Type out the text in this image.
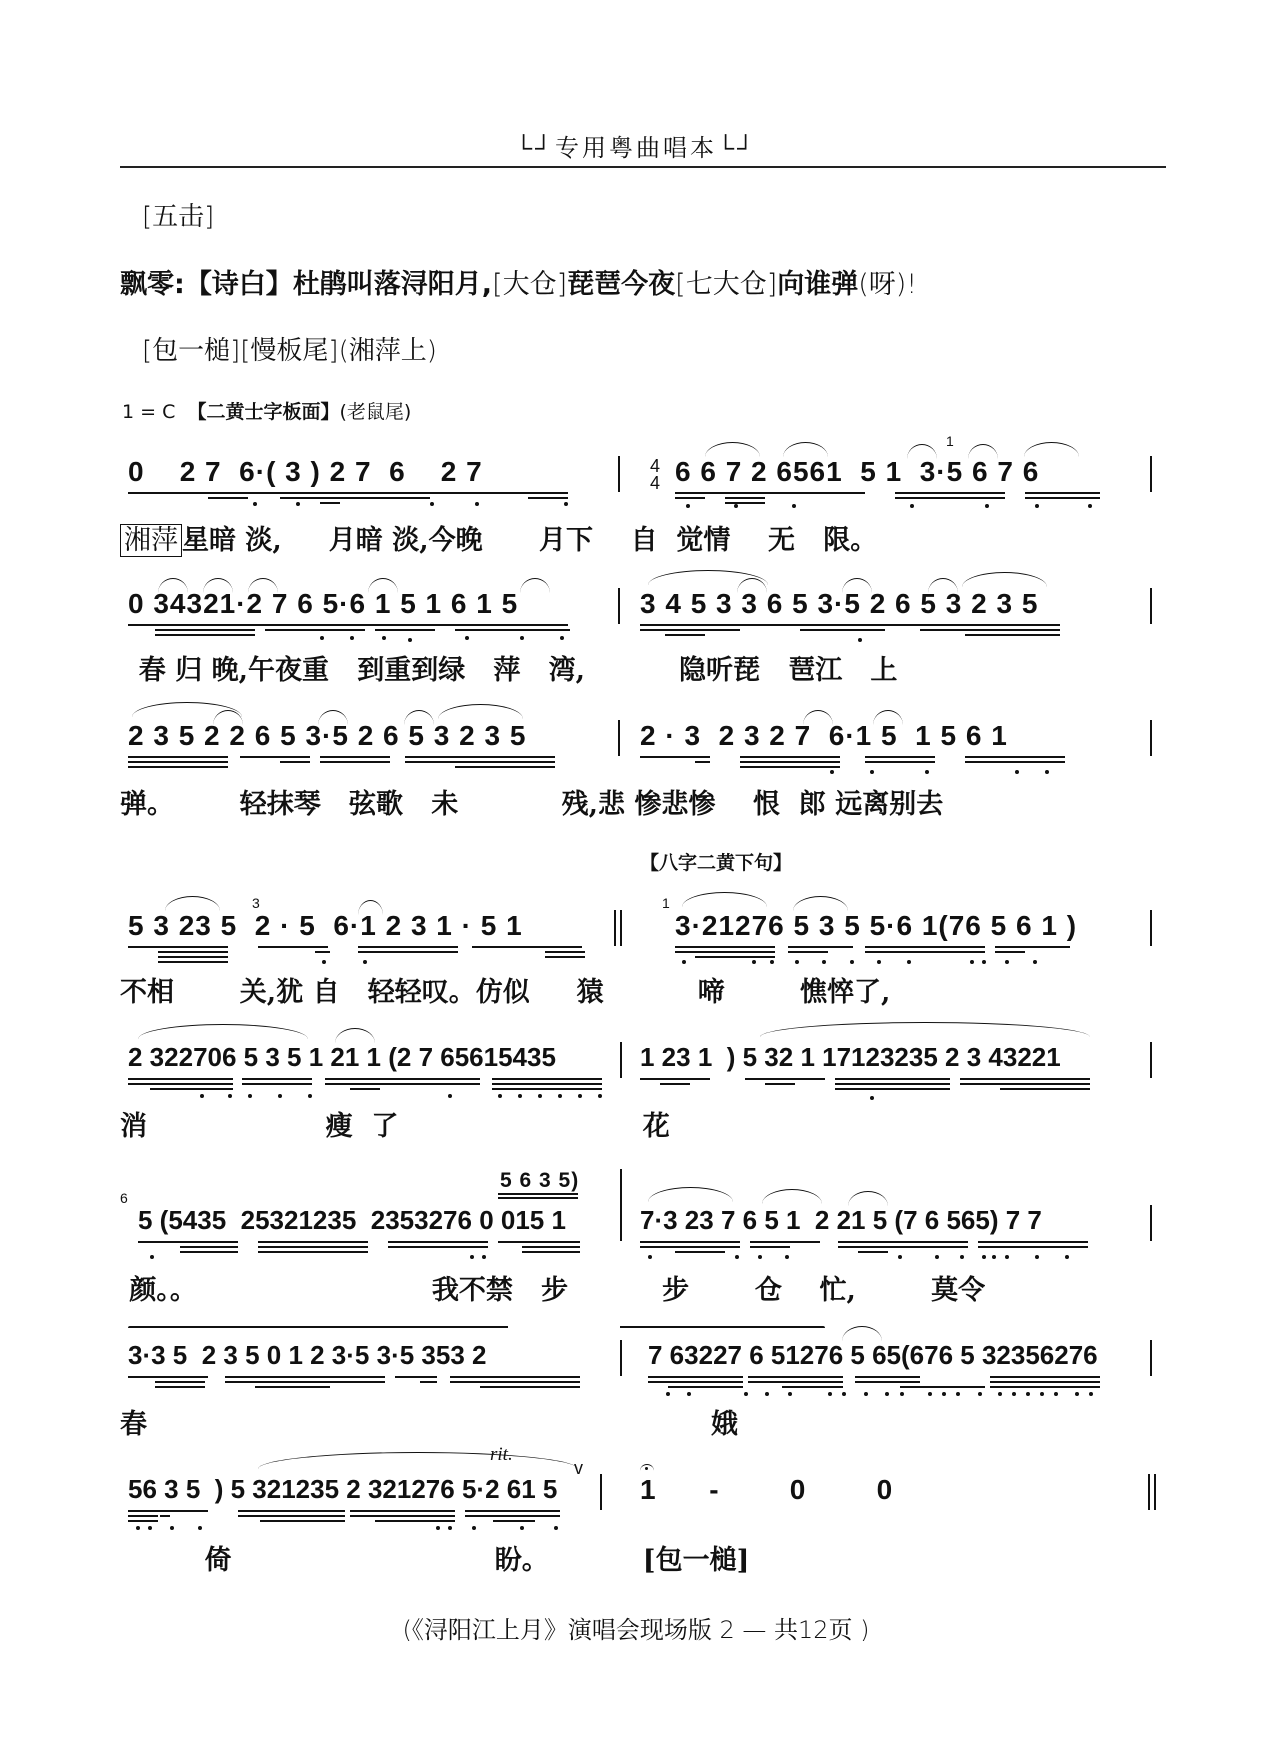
└┘专用粤曲唱本└┘
[五击]
飘零:【诗白】杜鹃叫落浔阳月,[大仓]琵琶今夜[七大仓]向谁弹(呀)!
[包一槌][慢板尾](湘萍上)
1 = C 【二黄士字板面】(老鼠尾)
0    2 7  6·( 3 ) 2 7  6    2 7	4
4 6 6 7 2 6561  5 1  3·5 6 7 6
1
湘萍 星暗 淡,     月暗 淡,今晚      月下    自  觉情    无   限。
0 34321·2 7 6 5·6 1 5 1 6 1 5	3 4 5 3 3 6 5 3·5 2 6 5 3 2 3 5
春 归 晚,午夜重   到重到绿   萍   湾,          隐听琵   琶江   上
2 3 5 2 2 6 5 3·5 2 6 5 3 2 3 5	2 · 3  2 3 2 7  6·1 5  1 5 6 1
弹。       轻抹琴   弦歌   未           残,悲 惨悲惨    恨  郎 远离别去
【八字二黄下句】
5 3 23 5  2 · 5  6·1 2 3 1 · 5 1
3	1
3·21276 5 3 5 5·6 1(76 5 6 1 )
不相       关,犹 自   轻轻叹。仿似     猿          啼        憔悴了,
2 322706 5 3 5 1 21 1 (2 7 65615435	1 23 1  ) 5 32 1 17123235 2 3 43221
消                   瘦  了                          花
6
5 (5435  25321235  2353276 0 015 1
5 6 3 5)
7·3 23 7 6 5 1  2 21 5 (7 6 565) 7 7
颜。。                         我不禁   步          步       仓    忙,        莫令
3·3 5  2 3 5 0 1 2 3·5 3·5 353 2	7 63227 6 51276 5 65(676 5 32356276
春                                                            娥
rit.
56 3 5  ) 5 321235 2 321276 5·2 61 5
v
1      -        0        0
倚                            盼。          [包一槌]
(《浔阳江上月》演唱会现场版 2 — 共12页 )
